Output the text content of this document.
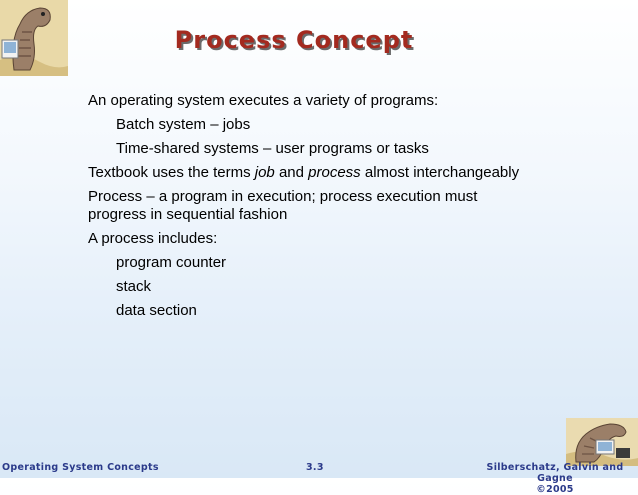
Process Concept
An operating system executes a variety of programs:
Batch system – jobs
Time-shared systems – user programs or tasks
Textbook uses the terms job and process almost interchangeably
Process – a program in execution; process execution must progress in sequential fashion
A process includes:
program counter
stack
data section
Operating System Concepts	3.3	Silberschatz, Galvin and Gagne
©2005
